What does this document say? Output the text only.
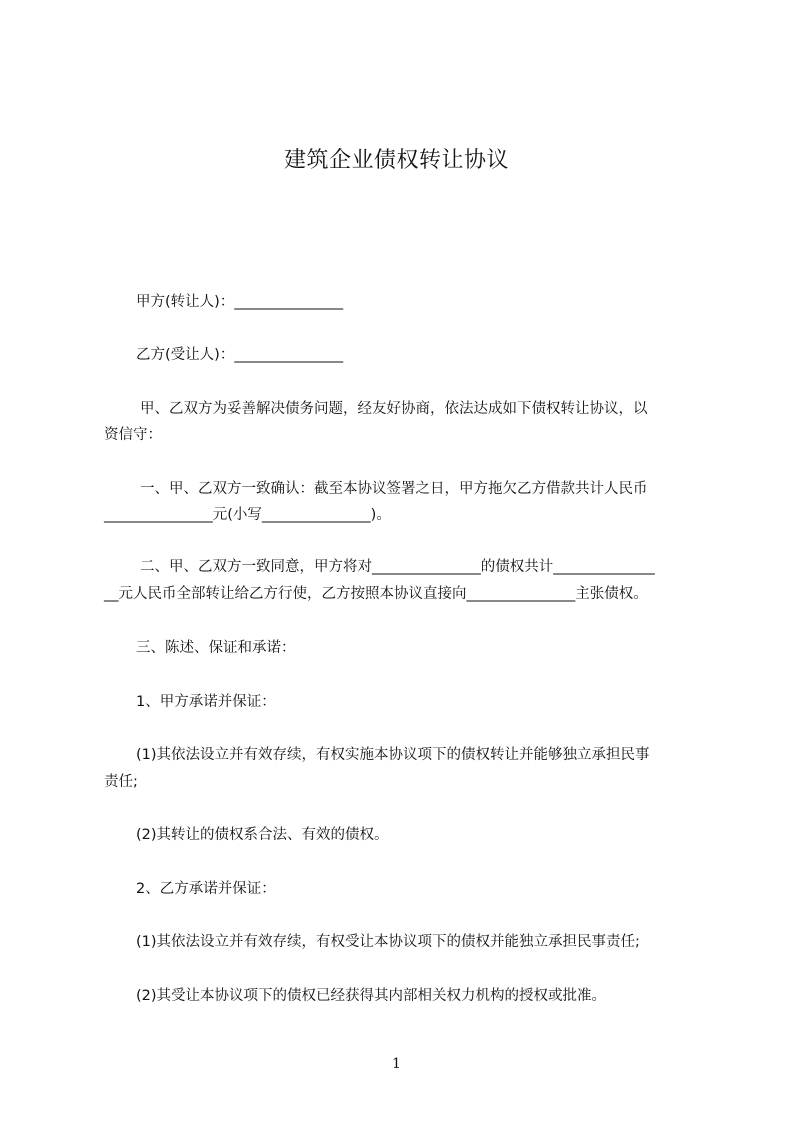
建筑企业债权转让协议
甲方(转让人)：_______________
乙方(受让人)：_______________
甲、乙双方为妥善解决债务问题，经友好协商，依法达成如下债权转让协议，以
资信守：
一、甲、乙双方一致确认：截至本协议签署之日，甲方拖欠乙方借款共计人民币
_______________元(小写_______________)。
二、甲、乙双方一致同意，甲方将对_______________的债权共计______________
__元人民币全部转让给乙方行使，乙方按照本协议直接向_______________主张债权。
三、陈述、保证和承诺：
1、甲方承诺并保证：
(1)其依法设立并有效存续，有权实施本协议项下的债权转让并能够独立承担民事
责任;
(2)其转让的债权系合法、有效的债权。
2、乙方承诺并保证：
(1)其依法设立并有效存续，有权受让本协议项下的债权并能独立承担民事责任;
(2)其受让本协议项下的债权已经获得其内部相关权力机构的授权或批准。
1
